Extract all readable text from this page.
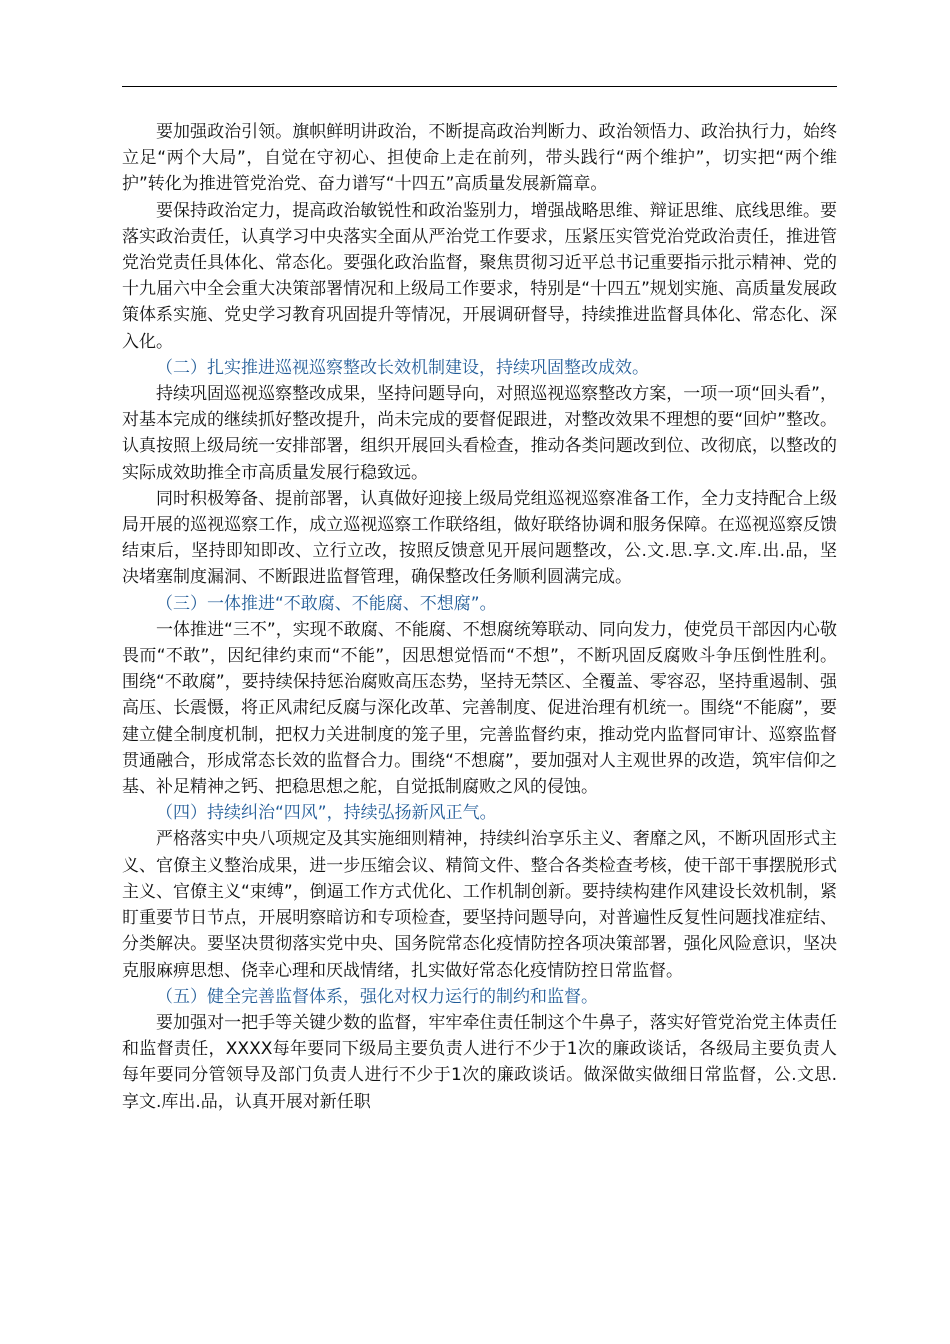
要加强政治引领。旗帜鲜明讲政治，不断提高政治判断力、政治领悟力、政治执行力，始终立足“两个大局”，自觉在守初心、担使命上走在前列，带头践行“两个维护”，切实把“两个维护”转化为推进管党治党、奋力谱写“十四五”高质量发展新篇章。

要保持政治定力，提高政治敏锐性和政治鉴别力，增强战略思维、辩证思维、底线思维。要落实政治责任，认真学习中央落实全面从严治党工作要求，压紧压实管党治党政治责任，推进管党治党责任具体化、常态化。要强化政治监督，聚焦贯彻习近平总书记重要指示批示精神、党的十九届六中全会重大决策部署情况和上级局工作要求，特别是“十四五”规划实施、高质量发展政策体系实施、党史学习教育巩固提升等情况，开展调研督导，持续推进监督具体化、常态化、深入化。

（二）扎实推进巡视巡察整改长效机制建设，持续巩固整改成效。

持续巩固巡视巡察整改成果，坚持问题导向，对照巡视巡察整改方案，一项一项“回头看”，对基本完成的继续抓好整改提升，尚未完成的要督促跟进，对整改效果不理想的要“回炉”整改。认真按照上级局统一安排部署，组织开展回头看检查，推动各类问题改到位、改彻底，以整改的实际成效助推全市高质量发展行稳致远。

同时积极筹备、提前部署，认真做好迎接上级局党组巡视巡察准备工作，全力支持配合上级局开展的巡视巡察工作，成立巡视巡察工作联络组，做好联络协调和服务保障。在巡视巡察反馈结束后，坚持即知即改、立行立改，按照反馈意见开展问题整改，公.文.思.享.文.库.出.品，坚决堵塞制度漏洞、不断跟进监督管理，确保整改任务顺利圆满完成。

（三）一体推进“不敢腐、不能腐、不想腐”。

一体推进“三不”，实现不敢腐、不能腐、不想腐统筹联动、同向发力，使党员干部因内心敬畏而“不敢”，因纪律约束而“不能”，因思想觉悟而“不想”，不断巩固反腐败斗争压倒性胜利。围绕“不敢腐”，要持续保持惩治腐败高压态势，坚持无禁区、全覆盖、零容忍，坚持重遏制、强高压、长震慑，将正风肃纪反腐与深化改革、完善制度、促进治理有机统一。围绕“不能腐”，要建立健全制度机制，把权力关进制度的笼子里，完善监督约束，推动党内监督同审计、巡察监督贯通融合，形成常态长效的监督合力。围绕“不想腐”，要加强对人主观世界的改造，筑牢信仰之基、补足精神之钙、把稳思想之舵，自觉抵制腐败之风的侵蚀。

（四）持续纠治“四风”，持续弘扬新风正气。

严格落实中央八项规定及其实施细则精神，持续纠治享乐主义、奢靡之风，不断巩固形式主义、官僚主义整治成果，进一步压缩会议、精简文件、整合各类检查考核，使干部干事摆脱形式主义、官僚主义“束缚”，倒逼工作方式优化、工作机制创新。要持续构建作风建设长效机制，紧盯重要节日节点，开展明察暗访和专项检查，要坚持问题导向，对普遍性反复性问题找准症结、分类解决。要坚决贯彻落实党中央、国务院常态化疫情防控各项决策部署，强化风险意识，坚决克服麻痹思想、侥幸心理和厌战情绪，扎实做好常态化疫情防控日常监督。

（五）健全完善监督体系，强化对权力运行的制约和监督。

要加强对一把手等关键少数的监督，牢牢牵住责任制这个牛鼻子，落实好管党治党主体责任和监督责任，XXXX每年要同下级局主要负责人进行不少于1次的廉政谈话，各级局主要负责人每年要同分管领导及部门负责人进行不少于1次的廉政谈话。做深做实做细日常监督，公.文思.享文.库出.品，认真开展对新任职
